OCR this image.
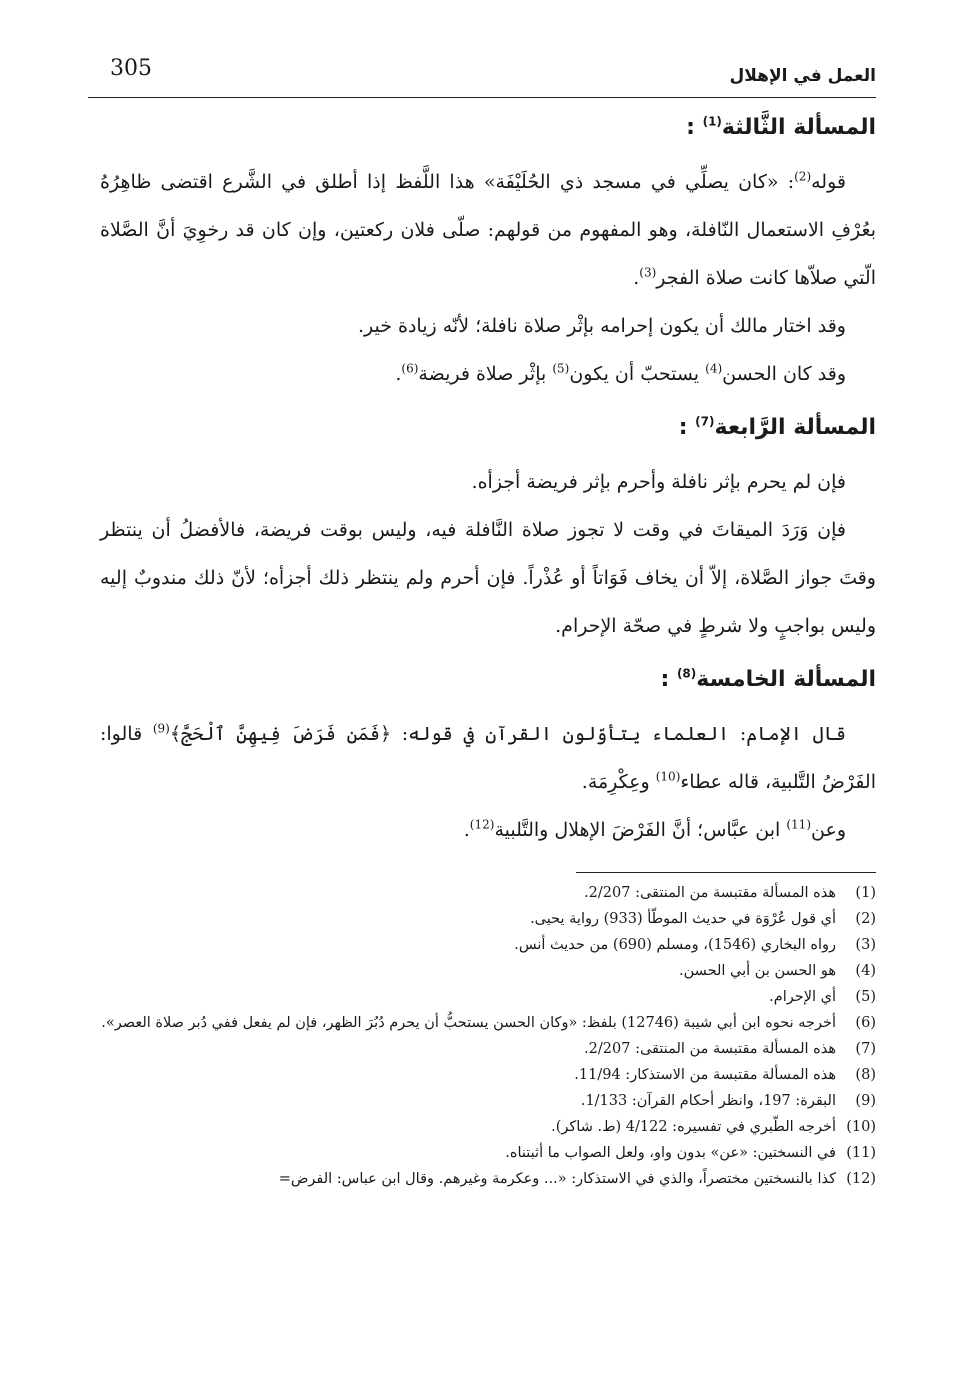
305	العمل في الإهلال
المسألة الثَّالثة$^{(1)}$ :

قوله$^{(2)}$: «كان يصلِّي في مسجد ذي الحُلَيْفَة» هذا اللَّفظ إذا أطلق في الشَّرع اقتضى ظاهِرُهُ بعُرْفِ الاستعمال النّافلة، وهو المفهوم من قولهم: صلّى فلان ركعتين، وإن كان قد رخوِيَ أنَّ الصَّلاة الّتي صلاّها كانت صلاة الفجر$^{(3)}$.

وقد اختار مالك أن يكون إحرامه بإثْر صلاة نافلة؛ لأنّه زيادة خير.

وقد كان الحسن$^{(4)}$ يستحبّ أن يكون$^{(5)}$ بإثْر صلاة فريضة$^{(6)}$.

المسألة الرَّابعة$^{(7)}$ :

فإن لم يحرم بإثر نافلة وأحرم بإثر فريضة أجزأه.

فإن وَرَدَ الميقاتَ في وقت لا تجوز صلاة النَّافلة فيه، وليس بوقت فريضة، فالأفضلُ أن ينتظر وقتَ جواز الصَّلاة، إلاّ أن يخاف فَوَاتاً أو عُذْراً. فإن أحرم ولم ينتظر ذلك أجزأه؛ لأنّ ذلك مندوبٌ إليه وليس بواجبٍ ولا شرطٍ في صحّة الإحرام.

المسألة الخامسة$^{(8)}$ :

قال الإمام: العلماء يتأوّلون القرآن في قوله: ﴿فَمَن فَرَضَ فِيهِنَّ ٱلْحَجَّ﴾$^{(9)}$ قالوا: الفَرْضُ التَّلبية، قاله عطاء$^{(10)}$ وعِكْرِمَة.

وعن$^{(11)}$ ابن عبَّاس؛ أنَّ الفَرْضَ الإهلال والتَّلبية$^{(12)}$.

(1)
هذه المسألة مقتبسة من المنتقى: 2/207.

(2)
أي قول عُرْوَة في حديث الموطّأ (933) رواية يحيى.

(3)
رواه البخاري (1546)، ومسلم (690) من حديث أنس.

(4)
هو الحسن بن أبي الحسن.

(5)
أي الإحرام.

(6)
أخرجه نحوه ابن أبي شيبة (12746) بلفظ: «وكان الحسن يستحبُّ أن يحرم دُبُرَ الظهر، فإن لم يفعل ففي دُبر صلاة العصر».

(7)
هذه المسألة مقتبسة من المنتقى: 2/207.

(8)
هذه المسألة مقتبسة من الاستذكار: 11/94.

(9)
البقرة: 197، وانظر أحكام القرآن: 1/133.

(10)
أخرجه الطّبري في تفسيره: 4/122 (ط. شاكر).

(11)
في النسختين: «عن» بدون واو، ولعل الصواب ما أثبتناه.

(12)
كذا بالنسختين مختصراً، والذي في الاستذكار: «... وعكرمة وغيرهم. وقال ابن عباس: الفرض=
